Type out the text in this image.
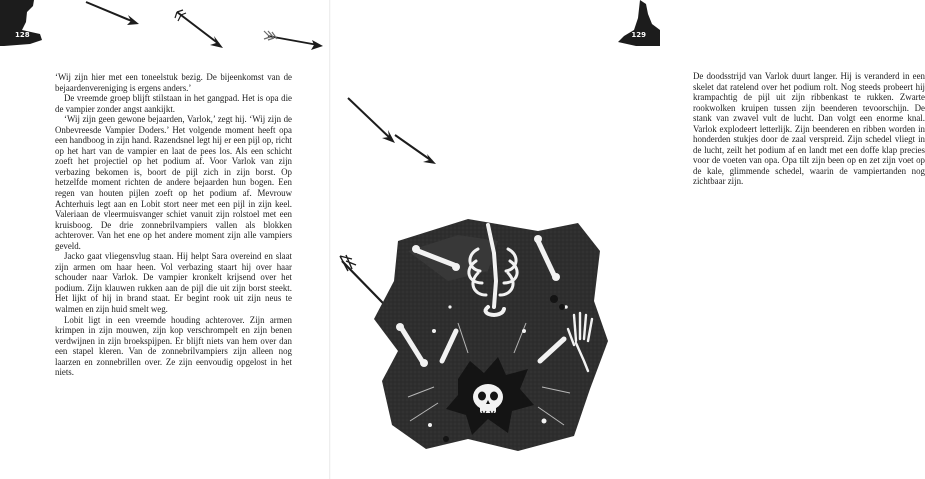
128

‘Wij zijn hier met een toneelstuk bezig. De bijeenkomst van de bejaardenvereniging is ergens anders.’

De vreemde groep blijft stilstaan in het gangpad. Het is opa die de vampier zonder angst aankijkt.

‘Wij zijn geen gewone bejaarden, Varlok,’ zegt hij. ‘Wij zijn de Onbevreesde Vampier Doders.’ Het volgende moment heeft opa een handboog in zijn hand. Razendsnel legt hij er een pijl op, richt op het hart van de vampier en laat de pees los. Als een schicht zoeft het projectiel op het podium af. Voor Varlok van zijn verbazing bekomen is, boort de pijl zich in zijn borst. Op hetzelfde moment richten de andere bejaarden hun bogen. Een regen van houten pijlen zoeft op het podium af. Mevrouw Achterhuis legt aan en Lobit stort neer met een pijl in zijn keel. Valeriaan de vleermuisvanger schiet vanuit zijn rolstoel met een kruisboog. De drie zonnebrilvampiers vallen als blokken achterover. Van het ene op het andere moment zijn alle vampiers geveld.

Jacko gaat vliegensvlug staan. Hij helpt Sara overeind en slaat zijn armen om haar heen. Vol verbazing staart hij over haar schouder naar Varlok. De vampier kronkelt krijsend over het podium. Zijn klauwen rukken aan de pijl die uit zijn borst steekt. Het lijkt of hij in brand staat. Er begint rook uit zijn neus te walmen en zijn huid smelt weg.

Lobit ligt in een vreemde houding achterover. Zijn armen krimpen in zijn mouwen, zijn kop verschrompelt en zijn benen verdwijnen in zijn broekspijpen. Er blijft niets van hem over dan een stapel kleren. Van de zonnebrilvampiers zijn alleen nog laarzen en zonnebrillen over. Ze zijn eenvoudig opgelost in het niets.

129

De doodsstrijd van Varlok duurt langer. Hij is veranderd in een skelet dat ratelend over het podium rolt. Nog steeds probeert hij krampachtig de pijl uit zijn ribbenkast te rukken. Zwarte rookwolken kruipen tussen zijn beenderen tevoorschijn. De stank van zwavel vult de lucht. Dan volgt een enorme knal. Varlok explodeert letterlijk. Zijn beenderen en ribben worden in honderden stukjes door de zaal verspreid. Zijn schedel vliegt in de lucht, zeilt het podium af en landt met een doffe klap precies voor de voeten van opa. Opa tilt zijn been op en zet zijn voet op de kale, glimmende schedel, waarin de vampiertanden nog zichtbaar zijn.
